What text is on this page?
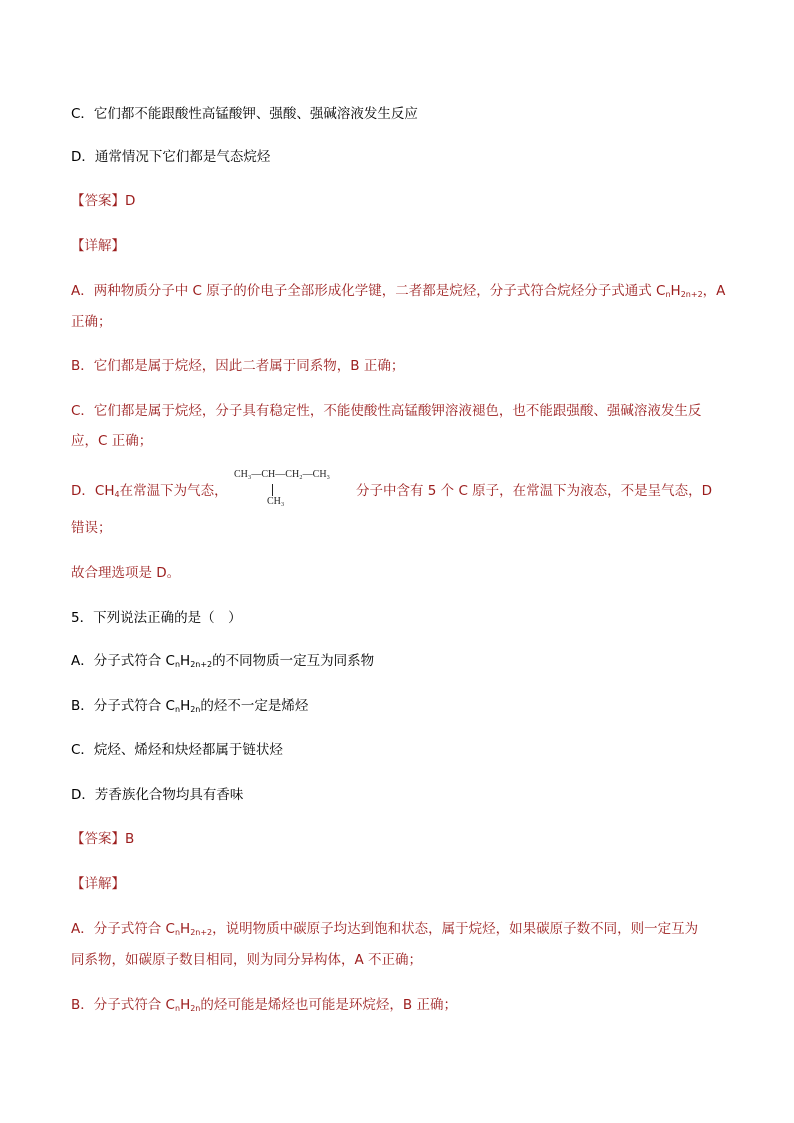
C．它们都不能跟酸性高锰酸钾、强酸、强碱溶液发生反应
D．通常情况下它们都是气态烷烃
【答案】D
【详解】
A．两种物质分子中 C 原子的价电子全部形成化学键，二者都是烷烃，分子式符合烷烃分子式通式 $C_nH_{2n+2}$，A
正确；
B．它们都是属于烷烃，因此二者属于同系物，B 正确；
C．它们都是属于烷烃，分子具有稳定性，不能使酸性高锰酸钾溶液褪色，也不能跟强酸、强碱溶液发生反
应，C 正确；
D．$CH_4$在常温下为气态，
CH₃—CH—CH₂—CH₃
CH₃
分子中含有 5 个 C 原子，在常温下为液态，不是呈气态，D
错误；
故合理选项是 D。
5．下列说法正确的是（　）
A．分子式符合 $C_nH_{2n+2}$的不同物质一定互为同系物
B．分子式符合 $C_nH_{2n}$的烃不一定是烯烃
C．烷烃、烯烃和炔烃都属于链状烃
D．芳香族化合物均具有香味
【答案】B
【详解】
A．分子式符合 $C_nH_{2n+2}$，说明物质中碳原子均达到饱和状态，属于烷烃，如果碳原子数不同，则一定互为
同系物，如碳原子数目相同，则为同分异构体，A 不正确；
B．分子式符合 $C_nH_{2n}$的烃可能是烯烃也可能是环烷烃，B 正确；
